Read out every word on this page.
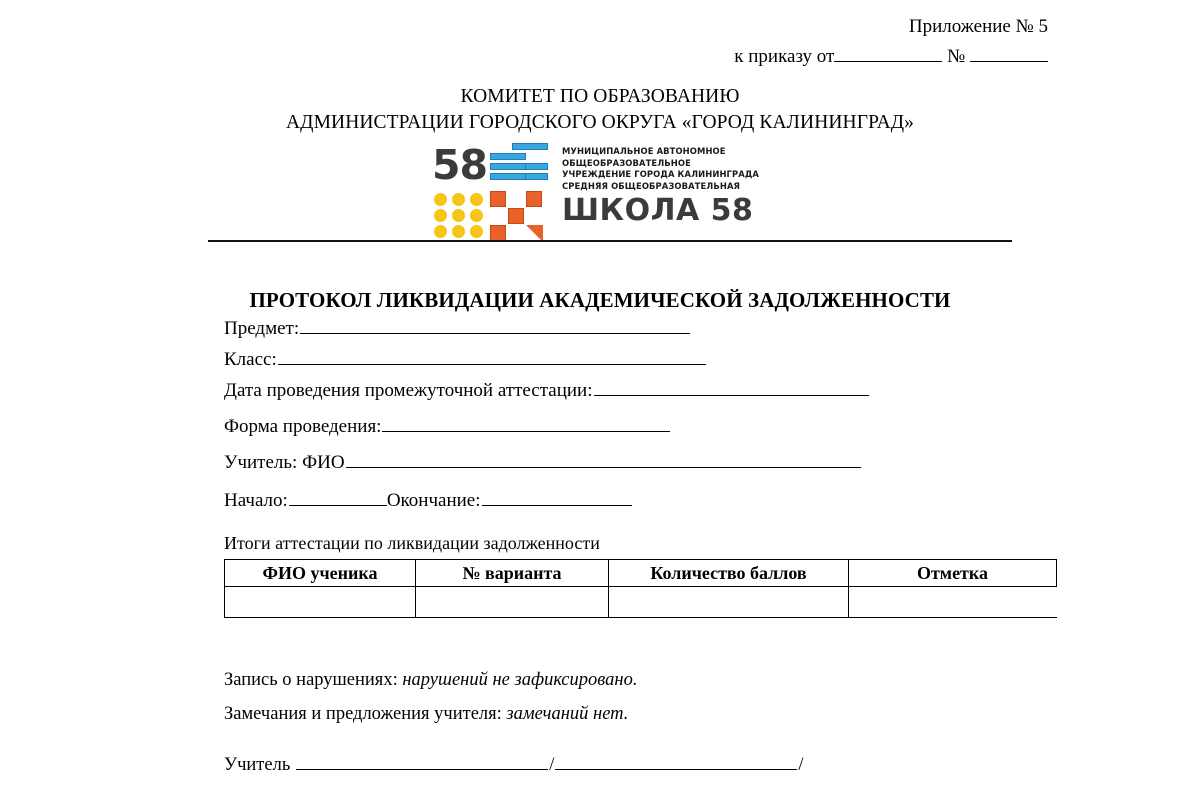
Приложение № 5
к приказу от	№
КОМИТЕТ ПО ОБРАЗОВАНИЮ
АДМИНИСТРАЦИИ ГОРОДСКОГО ОКРУГА «ГОРОД КАЛИНИНГРАД»
58	МУНИЦИПАЛЬНОЕ АВТОНОМНОЕ
ОБЩЕОБРАЗОВАТЕЛЬНОЕ
УЧРЕЖДЕНИЕ ГОРОДА КАЛИНИНГРАДА
СРЕДНЯЯ ОБЩЕОБРАЗОВАТЕЛЬНАЯ
ШКОЛА 58
ПРОТОКОЛ ЛИКВИДАЦИИ АКАДЕМИЧЕСКОЙ ЗАДОЛЖЕННОСТИ
Предмет:
Класс:
Дата проведения промежуточной аттестации:
Форма проведения:
Учитель: ФИО
Начало:	Окончание:
Итоги аттестации по ликвидации задолженности
ФИО ученика	№ варианта	Количество баллов	Отметка

Запись о нарушениях: нарушений не зафиксировано.
Замечания и предложения учителя: замечаний нет.
Учитель	/	/
